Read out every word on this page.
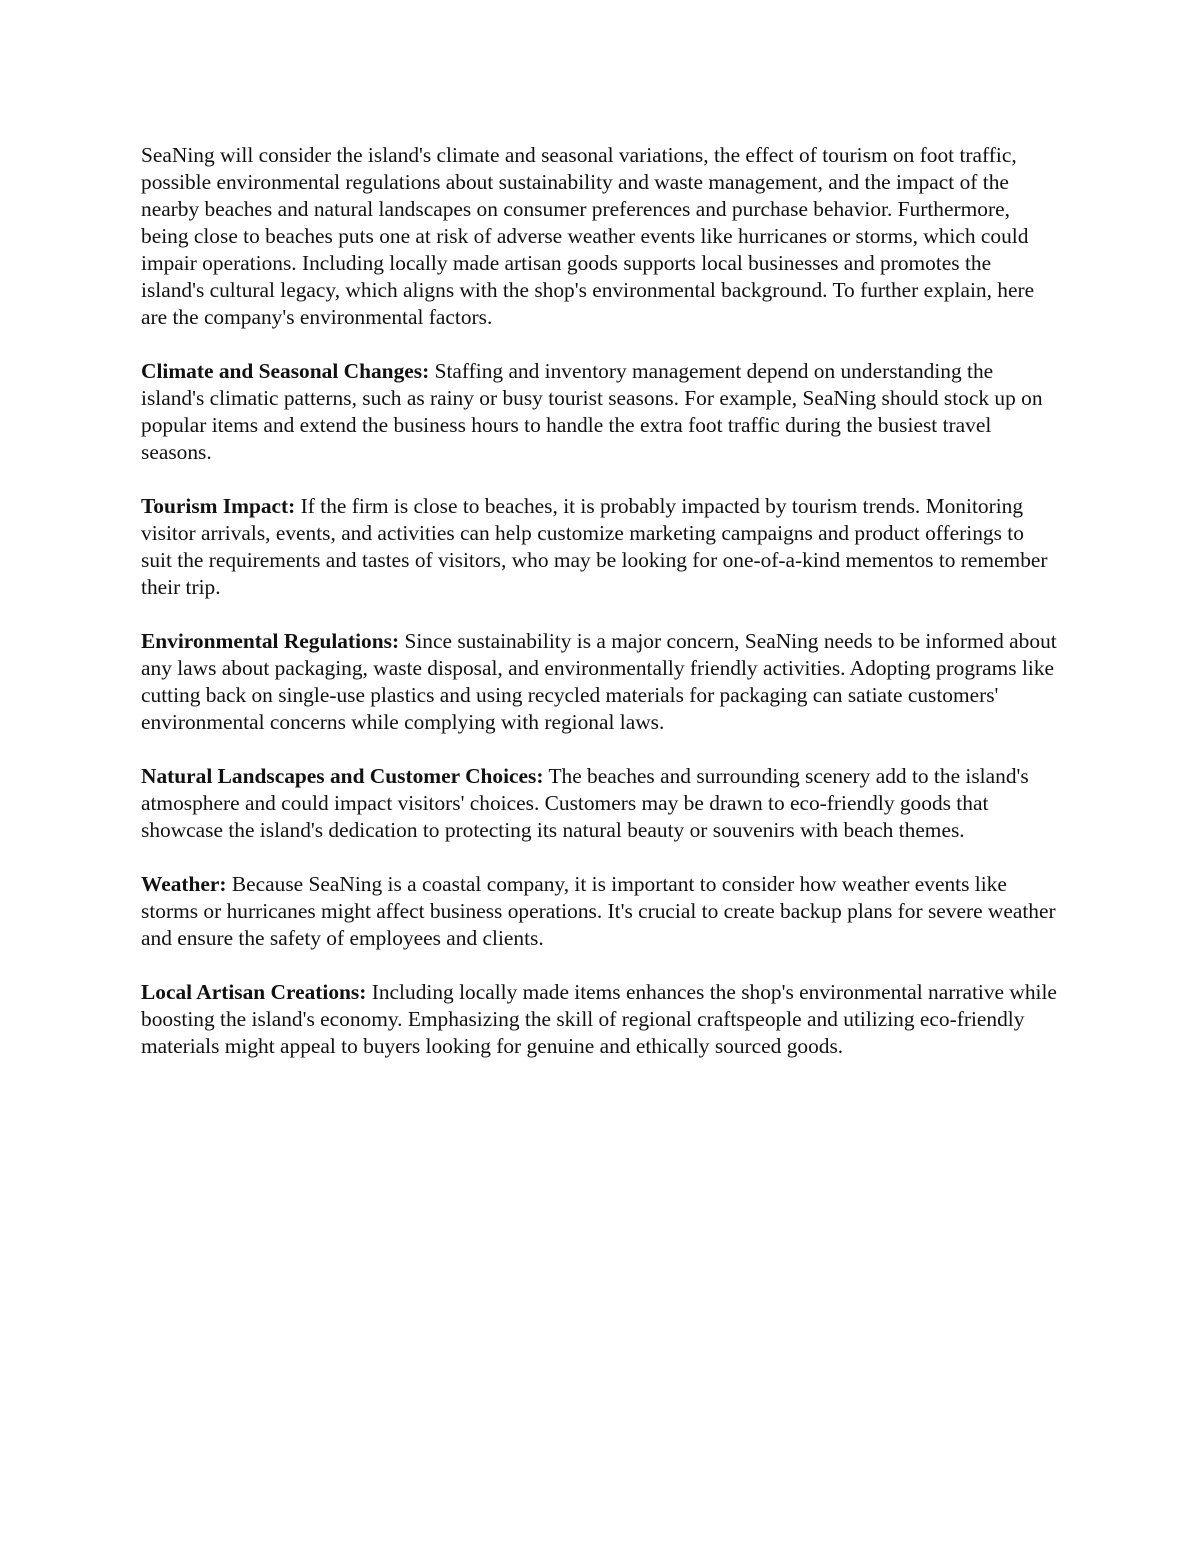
SeaNing will consider the island's climate and seasonal variations, the effect of tourism on foot traffic, possible environmental regulations about sustainability and waste management, and the impact of the nearby beaches and natural landscapes on consumer preferences and purchase behavior. Furthermore, being close to beaches puts one at risk of adverse weather events like hurricanes or storms, which could impair operations. Including locally made artisan goods supports local businesses and promotes the island's cultural legacy, which aligns with the shop's environmental background. To further explain, here are the company's environmental factors.

Climate and Seasonal Changes: Staffing and inventory management depend on understanding the island's climatic patterns, such as rainy or busy tourist seasons. For example, SeaNing should stock up on popular items and extend the business hours to handle the extra foot traffic during the busiest travel seasons.

Tourism Impact: If the firm is close to beaches, it is probably impacted by tourism trends. Monitoring visitor arrivals, events, and activities can help customize marketing campaigns and product offerings to suit the requirements and tastes of visitors, who may be looking for one-of-a-kind mementos to remember their trip.

Environmental Regulations: Since sustainability is a major concern, SeaNing needs to be informed about any laws about packaging, waste disposal, and environmentally friendly activities. Adopting programs like cutting back on single-use plastics and using recycled materials for packaging can satiate customers' environmental concerns while complying with regional laws.

Natural Landscapes and Customer Choices: The beaches and surrounding scenery add to the island's atmosphere and could impact visitors' choices. Customers may be drawn to eco-friendly goods that showcase the island's dedication to protecting its natural beauty or souvenirs with beach themes.

Weather: Because SeaNing is a coastal company, it is important to consider how weather events like storms or hurricanes might affect business operations. It's crucial to create backup plans for severe weather and ensure the safety of employees and clients.

Local Artisan Creations: Including locally made items enhances the shop's environmental narrative while boosting the island's economy. Emphasizing the skill of regional craftspeople and utilizing eco-friendly materials might appeal to buyers looking for genuine and ethically sourced goods.
